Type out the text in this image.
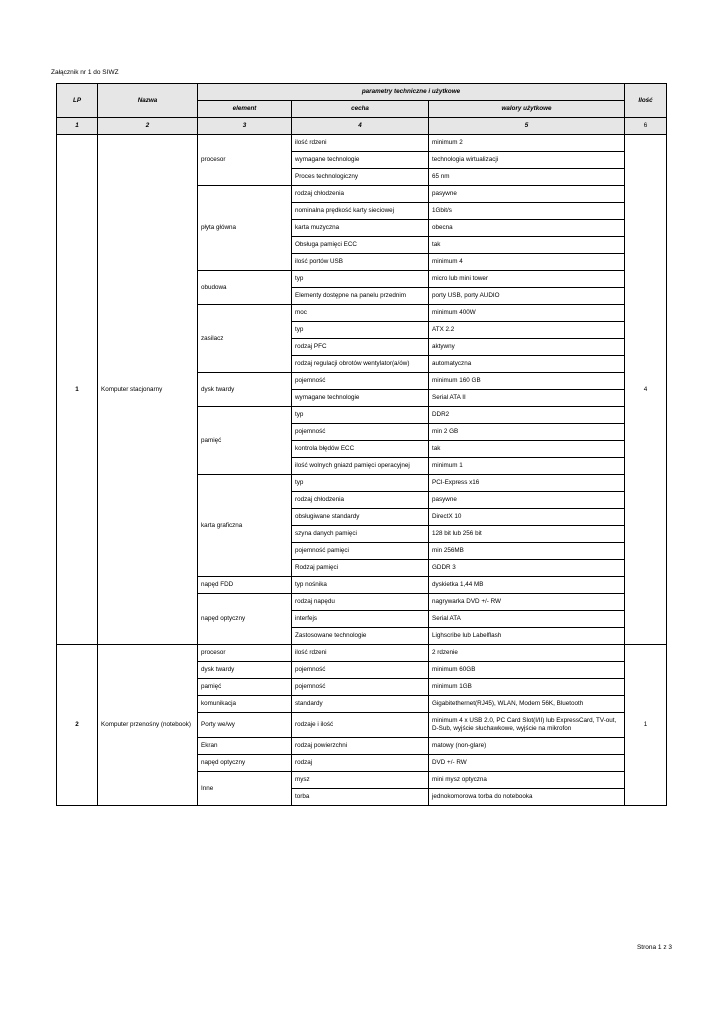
Załącznik nr 1 do SIWZ
LP	Nazwa	parametry techniczne i użytkowe			Ilość
		element	cecha	walory użytkowe	
1	2	3	4	5	6
1	Komputer stacjonarny	procesor	ilość rdzeni	minimum 2	4
			wymagane technologie	technologia wirtualizacji	
			Proces technologiczny	65 nm	
		płyta główna	rodzaj chłodzenia	pasywne	
			nominalna prędkość karty sieciowej	1Gbit/s	
			karta muzyczna	obecna	
			Obsługa pamięci ECC	tak	
			ilość portów USB	minimum 4	
		obudowa	typ	micro lub mini tower	
			Elementy dostępne na panelu przednim	porty USB, porty AUDIO	
		zasilacz	moc	minimum 400W	
			typ	ATX 2.2	
			rodzaj PFC	aktywny	
			rodzaj regulacji obrotów wentylator(a/ów)	automatyczna	
		dysk twardy	pojemność	minimum 160 GB	
			wymagane technologie	Serial ATA II	
		pamięć	typ	DDR2	
			pojemność	min 2 GB	
			kontrola błędów ECC	tak	
			ilość wolnych gniazd pamięci operacyjnej	minimum 1	
		karta graficzna	typ	PCI-Express x16	
			rodzaj chłodzenia	pasywne	
			obsługiwane standardy	DirectX 10	
			szyna danych pamięci	128 bit lub 256 bit	
			pojemność pamięci	min 256MB	
			Rodzaj pamięci	GDDR 3	
		napęd FDD	typ nośnika	dyskietka 1,44 MB	
		napęd optyczny	rodzaj napędu	nagrywarka DVD +/- RW	
			interfejs	Serial ATA	
			Zastosowane technologie	Lighscribe lub Labelflash	
2	Komputer przenośny (notebook)	procesor	ilość rdzeni	2 rdzenie	1
		dysk twardy	pojemność	minimum 60GB	
		pamięć	pojemność	minimum 1GB	
		komunikacja	standardy	Gigabitethernet(RJ45), WLAN, Modem 56K, Bluetooth	
		Porty we/wy	rodzaje i ilość	minimum 4 x USB 2.0, PC Card Slot(I/II) lub ExpressCard, TV-out, D-Sub, wyjście słuchawkowe, wyjście na mikrofon	
		Ekran	rodzaj powierzchni	matowy (non-glare)	
		napęd optyczny	rodzaj	DVD +/- RW	
		Inne	mysz	mini mysz optyczna	
			torba	jednokomorowa torba do notebooka	
Strona 1 z 3
